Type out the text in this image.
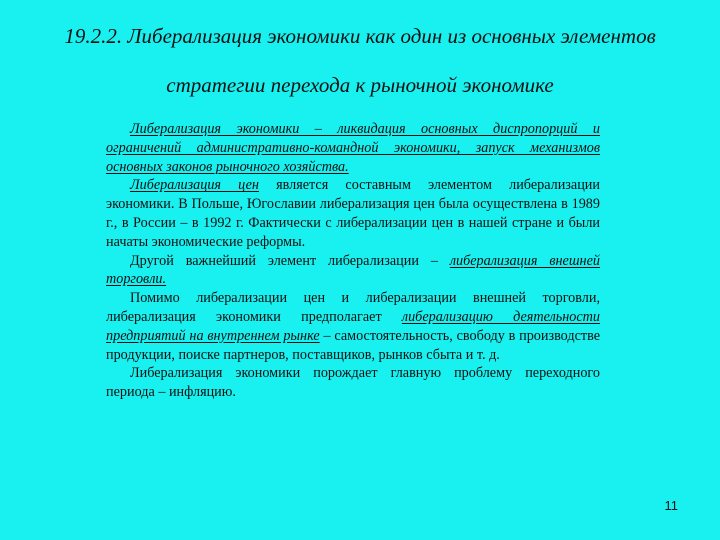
19.2.2. Либерализация экономики как один из основных элементов
стратегии перехода к рыночной экономике

Либерализация экономики – ликвидация основных диспропорций и ограничений административно-командной экономики, запуск механизмов основных законов рыночного хозяйства.

Либерализация цен является составным элементом либерализации экономики. В Польше, Югославии либерализация цен была осуществлена в 1989 г., в России – в 1992 г. Фактически с либерализации цен в нашей стране и были начаты экономические реформы.

Другой важнейший элемент либерализации – либерализация внешней торговли.

Помимо либерализации цен и либерализации внешней торговли, либерализация экономики предполагает либерализацию деятельности предприятий на внутреннем рынке – самостоятельность, свободу в производстве продукции, поиске партнеров, поставщиков, рынков сбыта и т. д.

Либерализация экономики порождает главную проблему переходного периода – инфляцию.

11
